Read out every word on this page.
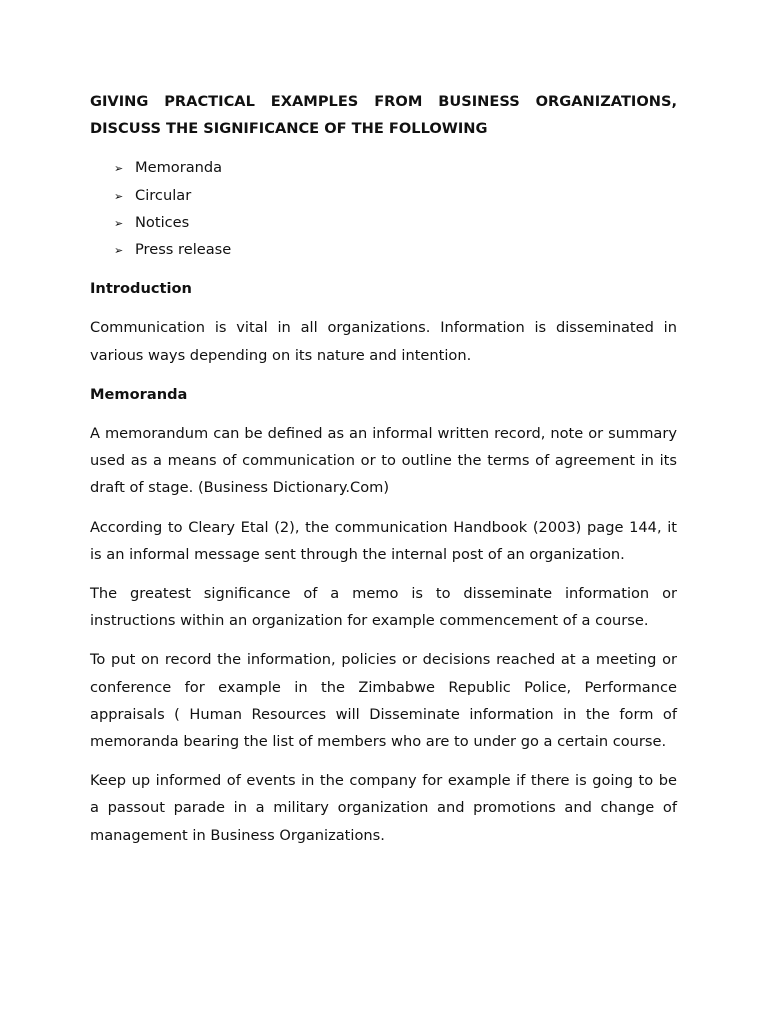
GIVING PRACTICAL EXAMPLES FROM BUSINESS ORGANIZATIONS, DISCUSS THE SIGNIFICANCE OF THE FOLLOWING

➢ Memoranda
➢ Circular
➢ Notices
➢ Press release

Introduction

Communication is vital in all organizations. Information is disseminated in various ways depending on its nature and intention.

Memoranda

A memorandum can be defined as an informal written record, note or summary used as a means of communication or to outline the terms of agreement in its draft of stage. (Business Dictionary.Com)

According to Cleary Etal (2), the communication Handbook (2003) page 144, it is an informal message sent through the internal post of an organization.

The greatest significance of a memo is to disseminate information or instructions within an organization for example commencement of a course.

To put on record the information, policies or decisions reached at a meeting or conference for example in the Zimbabwe Republic Police, Performance appraisals ( Human Resources will Disseminate information in the form of memoranda bearing the list of members who are to under go a certain course.

Keep up informed of events in the company for example if there is going to be a passout parade in a military organization and promotions and change of management in Business Organizations.
